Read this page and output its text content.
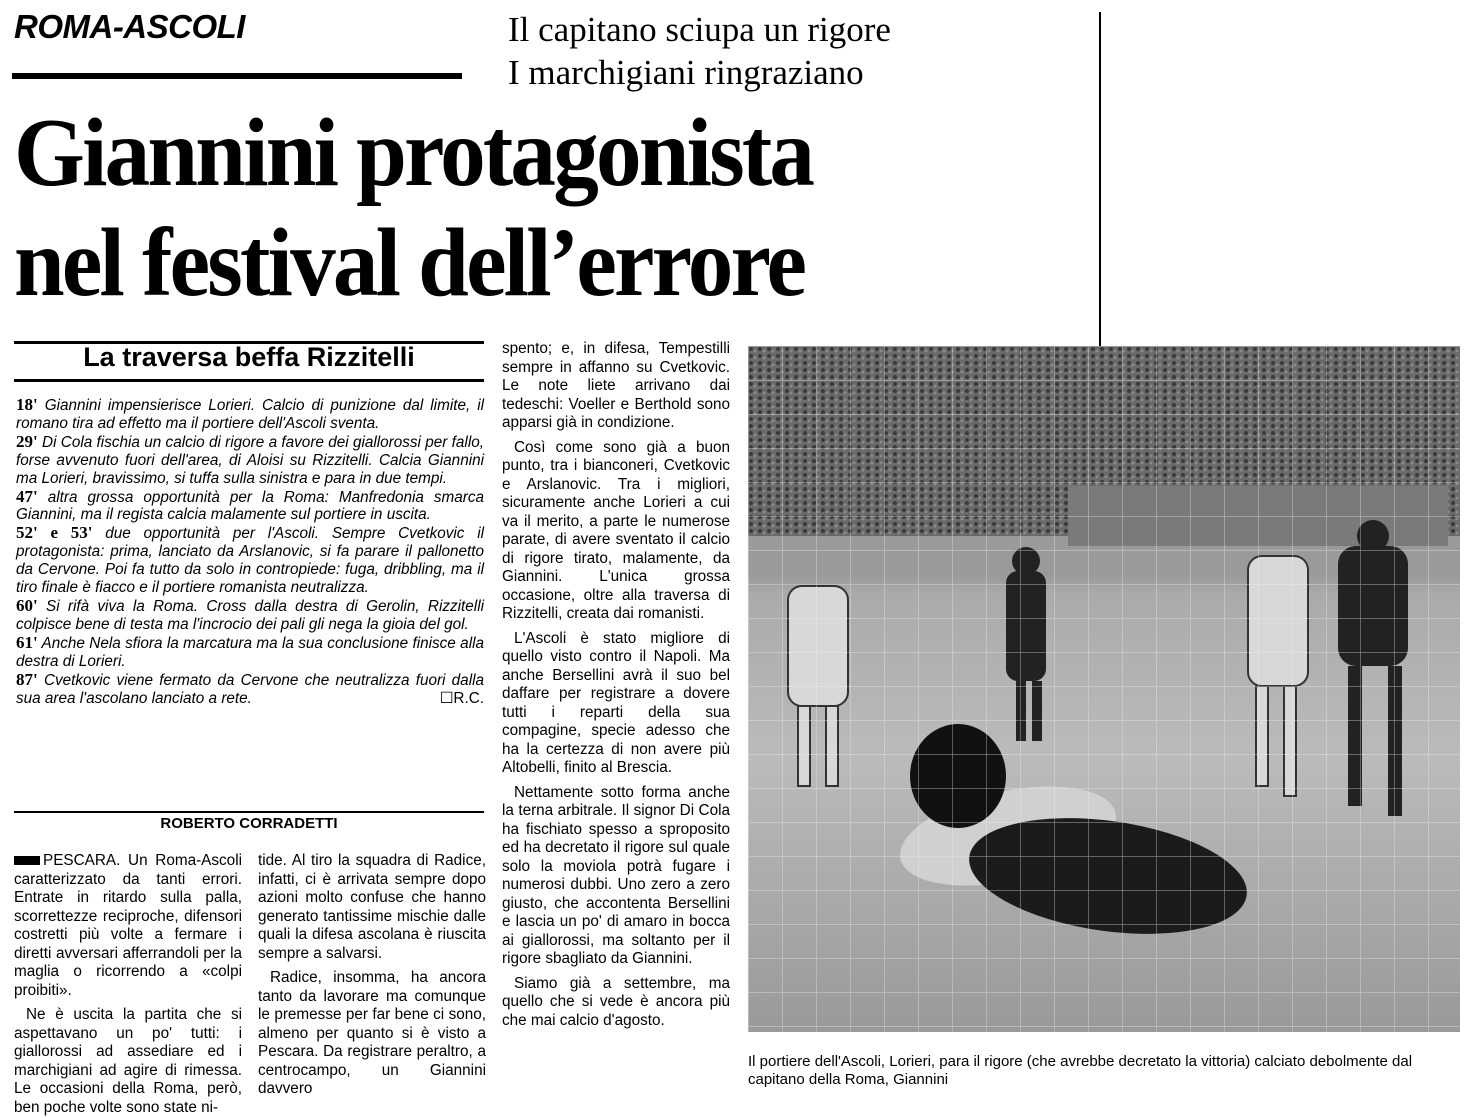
ROMA-ASCOLI	Il capitano sciupa un rigore
I marchigiani ringraziano
Giannini protagonista
nel festival dell’errore
La traversa beffa Rizzitelli

18' Giannini impensierisce Lorieri. Calcio di punizione dal limite, il romano tira ad effetto ma il portiere dell'Ascoli sventa.

29' Di Cola fischia un calcio di rigore a favore dei giallorossi per fallo, forse avvenuto fuori dell'area, di Aloisi su Rizzitelli. Calcia Giannini ma Lorieri, bravissimo, si tuffa sulla sinistra e para in due tempi.

47' altra grossa opportunità per la Roma: Manfredonia smarca Giannini, ma il regista calcia malamente sul portiere in uscita.

52' e 53' due opportunità per l'Ascoli. Sempre Cvetkovic il protagonista: prima, lanciato da Arslanovic, si fa parare il pallonetto da Cervone. Poi fa tutto da solo in contropiede: fuga, dribbling, ma il tiro finale è fiacco e il portiere romanista neutralizza.

60' Si rifà viva la Roma. Cross dalla destra di Gerolin, Rizzitelli colpisce bene di testa ma l'incrocio dei pali gli nega la gioia del gol.

61' Anche Nela sfiora la marcatura ma la sua conclusione finisce alla destra di Lorieri.

87' Cvetkovic viene fermato da Cervone che neutralizza fuori dalla sua area l'ascolano lanciato a rete.	☐R.C.

ROBERTO CORRADETTI

PESCARA. Un Roma-Ascoli caratterizzato da tanti errori. Entrate in ritardo sulla palla, scorrettezze reciproche, difensori costretti più volte a fermare i diretti avversari afferrandoli per la maglia o ricorrendo a «colpi proibiti».

Ne è uscita la partita che si aspettavano un po' tutti: i giallorossi ad assediare ed i marchigiani ad agire di rimessa. Le occasioni della Roma, però, ben poche volte sono state ni-

tide. Al tiro la squadra di Radice, infatti, ci è arrivata sempre dopo azioni molto confuse che hanno generato tantissime mischie dalle quali la difesa ascolana è riuscita sempre a salvarsi.

Radice, insomma, ha ancora tanto da lavorare ma comunque le premesse per far bene ci sono, almeno per quanto si è visto a Pescara. Da registrare peraltro, a centrocampo, un Giannini davvero

spento; e, in difesa, Tempestilli sempre in affanno su Cvetkovic. Le note liete arrivano dai tedeschi: Voeller e Berthold sono apparsi già in condizione.

Così come sono già a buon punto, tra i bianconeri, Cvetkovic e Arslanovic. Tra i migliori, sicuramente anche Lorieri a cui va il merito, a parte le numerose parate, di avere sventato il calcio di rigore tirato, malamente, da Giannini. L'unica grossa occasione, oltre alla traversa di Rizzitelli, creata dai romanisti.

L'Ascoli è stato migliore di quello visto contro il Napoli. Ma anche Bersellini avrà il suo bel daffare per registrare a dovere tutti i reparti della sua compagine, specie adesso che ha la certezza di non avere più Altobelli, finito al Brescia.

Nettamente sotto forma anche la terna arbitrale. Il signor Di Cola ha fischiato spesso a sproposito ed ha decretato il rigore sul quale solo la moviola potrà fugare i numerosi dubbi. Uno zero a zero giusto, che accontenta Bersellini e lascia un po' di amaro in bocca ai giallorossi, ma soltanto per il rigore sbagliato da Giannini.

Siamo già a settembre, ma quello che si vede è ancora più che mai calcio d'agosto.

Il portiere dell'Ascoli, Lorieri, para il rigore (che avrebbe decretato la vittoria) calciato debolmente dal capitano della Roma, Giannini
